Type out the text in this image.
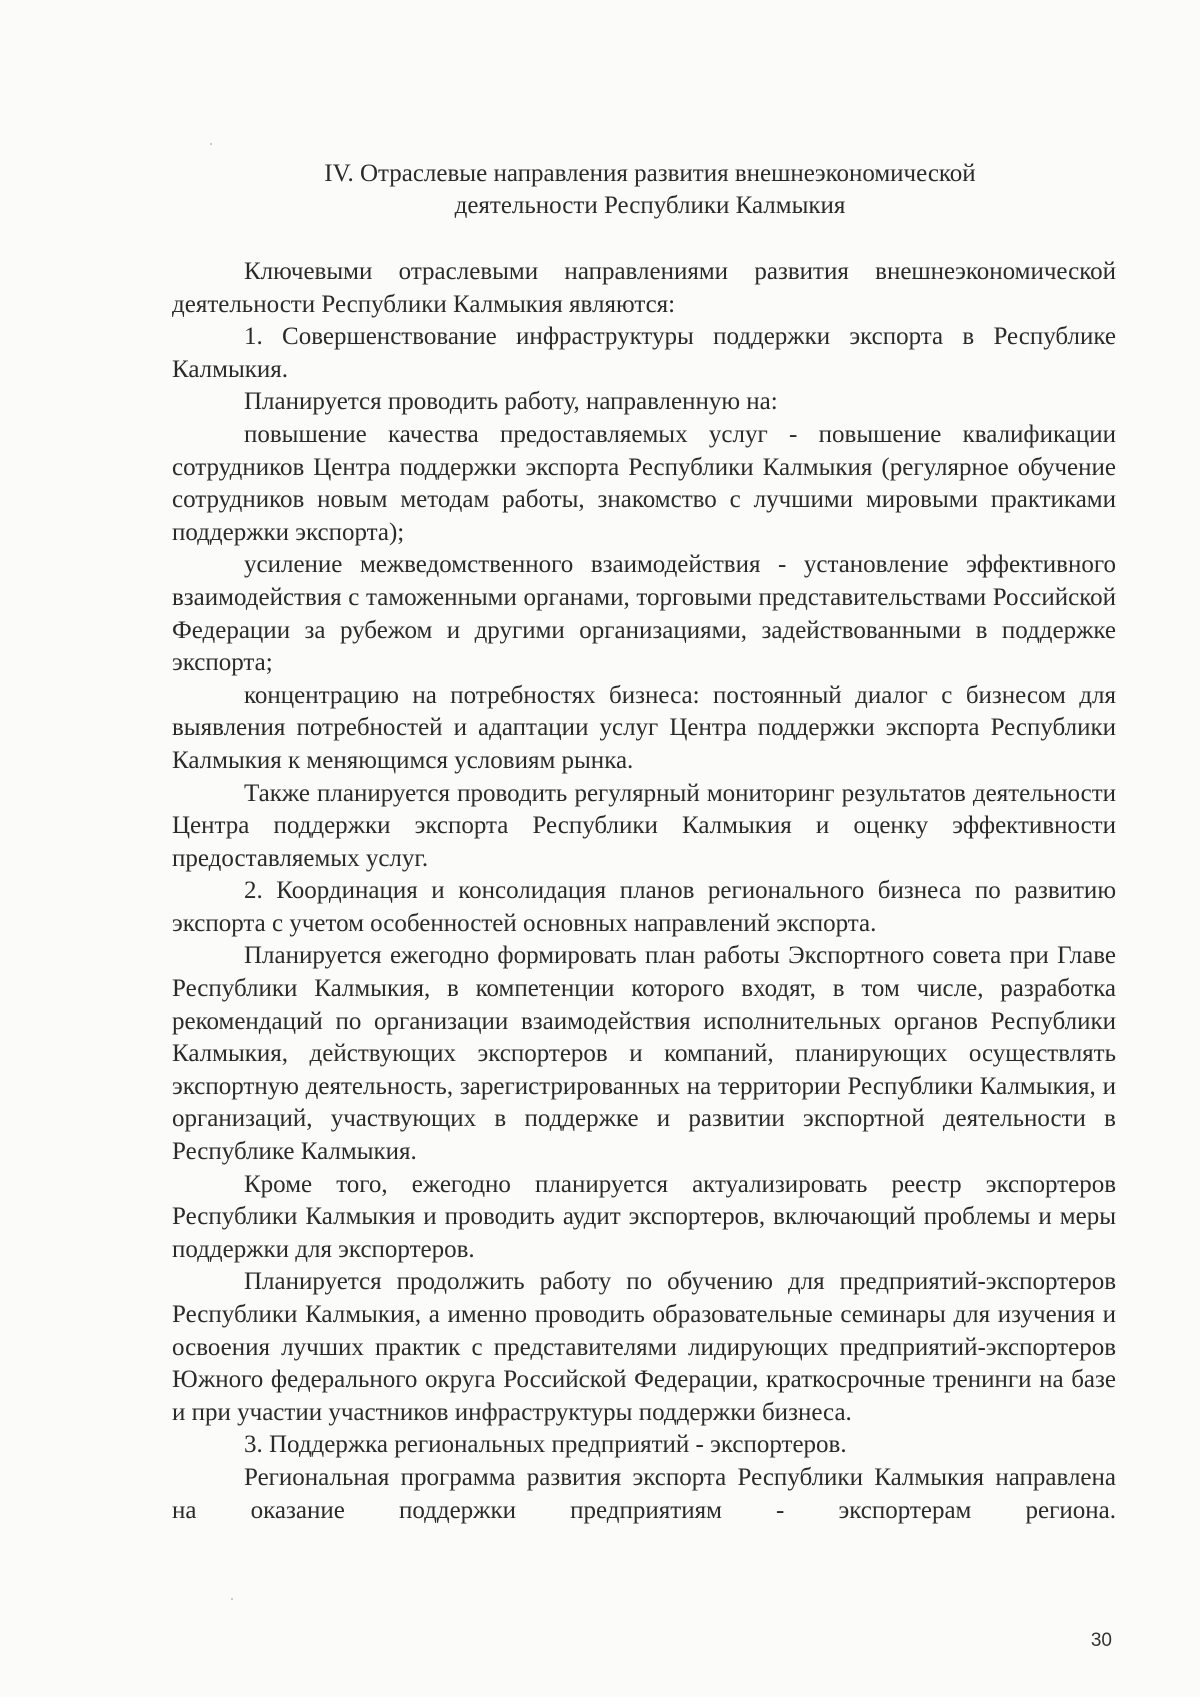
IV. Отраслевые направления развития внешнеэкономической
деятельности Республики Калмыкия

Ключевыми отраслевыми направлениями развития внешнеэкономической деятельности Республики Калмыкия являются:

1. Совершенствование инфраструктуры поддержки экспорта в Республике Калмыкия.

Планируется проводить работу, направленную на:

повышение качества предоставляемых услуг - повышение квалификации сотрудников Центра поддержки экспорта Республики Калмыкия (регулярное обучение сотрудников новым методам работы, знакомство с лучшими мировыми практиками поддержки экспорта);

усиление межведомственного взаимодействия - установление эффективного взаимодействия с таможенными органами, торговыми представительствами Российской Федерации за рубежом и другими организациями, задействованными в поддержке экспорта;

концентрацию на потребностях бизнеса: постоянный диалог с бизнесом для выявления потребностей и адаптации услуг Центра поддержки экспорта Республики Калмыкия к меняющимся условиям рынка.

Также планируется проводить регулярный мониторинг результатов деятельности Центра поддержки экспорта Республики Калмыкия и оценку эффективности предоставляемых услуг.

2. Координация и консолидация планов регионального бизнеса по развитию экспорта с учетом особенностей основных направлений экспорта.

Планируется ежегодно формировать план работы Экспортного совета при Главе Республики Калмыкия, в компетенции которого входят, в том числе, разработка рекомендаций по организации взаимодействия исполнительных органов Республики Калмыкия, действующих экспортеров и компаний, планирующих осуществлять экспортную деятельность, зарегистрированных на территории Республики Калмыкия, и организаций, участвующих в поддержке и развитии экспортной деятельности в Республике Калмыкия.

Кроме того, ежегодно планируется актуализировать реестр экспортеров Республики Калмыкия и проводить аудит экспортеров, включающий проблемы и меры поддержки для экспортеров.

Планируется продолжить работу по обучению для предприятий-экспортеров Республики Калмыкия, а именно проводить образовательные семинары для изучения и освоения лучших практик с представителями лидирующих предприятий-экспортеров Южного федерального округа Российской Федерации, краткосрочные тренинги на базе и при участии участников инфраструктуры поддержки бизнеса.

3. Поддержка региональных предприятий - экспортеров.

Региональная программа развития экспорта Республики Калмыкия направлена на оказание поддержки предприятиям - экспортерам региона.

30
